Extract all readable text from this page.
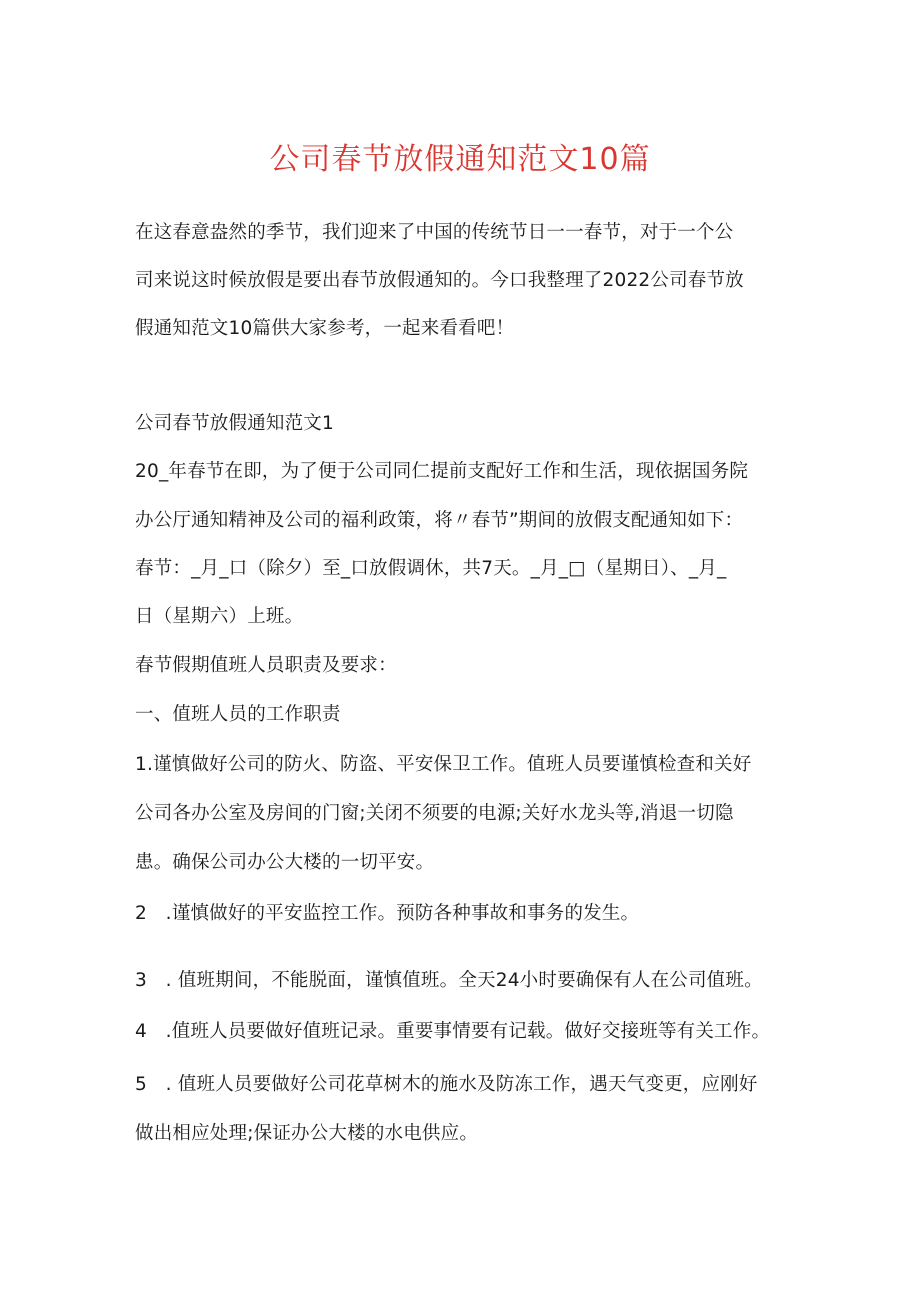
公司春节放假通知范文10篇
在这春意盎然的季节，我们迎来了中国的传统节日一一春节，对于一个公
司来说这时候放假是要出春节放假通知的。今口我整理了2022公司春节放
假通知范文10篇供大家参考，一起来看看吧！
公司春节放假通知范文1
20_年春节在即，为了便于公司同仁提前支配好工作和生活，现依据国务院
办公厅通知精神及公司的福利政策，将〃春节”期间的放假支配通知如下：
春节：_月_口（除夕）至_口放假调休，共7天。_月_□（星期日）、_月_
日（星期六）上班。
春节假期值班人员职责及要求：
一、值班人员的工作职责
1.谨慎做好公司的防火、防盗、平安保卫工作。值班人员要谨慎检查和关好
公司各办公室及房间的门窗;关闭不须要的电源;关好水龙头等,消退一切隐
患。确保公司办公大楼的一切平安。
2　.谨慎做好的平安监控工作。预防各种事故和事务的发生。
3　. 值班期间，不能脱面，谨慎值班。全天24小时要确保有人在公司值班。
4　.值班人员要做好值班记录。重要事情要有记载。做好交接班等有关工作。
5　. 值班人员要做好公司花草树木的施水及防冻工作，遇天气变更，应刚好
做出相应处理;保证办公大楼的水电供应。
